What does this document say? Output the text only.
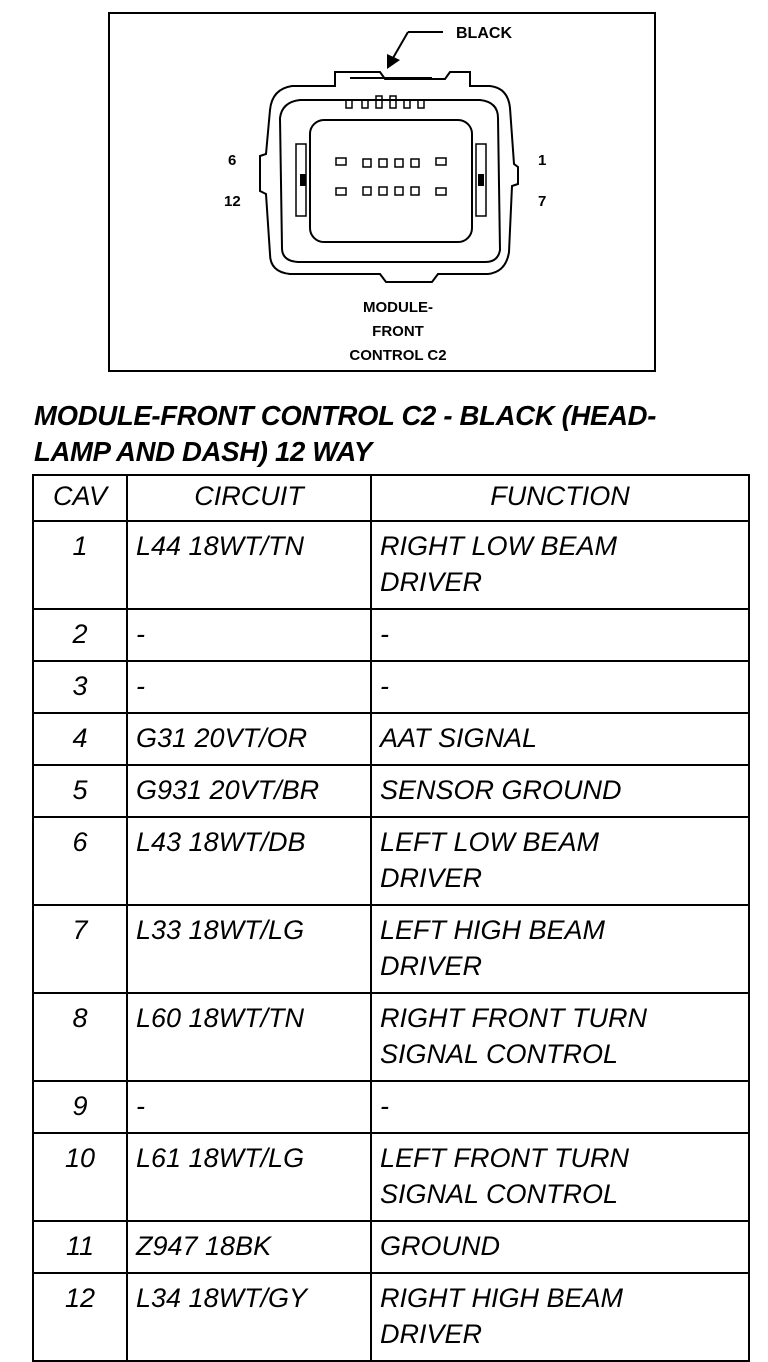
BLACK
6
12
1
7
MODULE-
FRONT
CONTROL C2
MODULE-FRONT CONTROL C2 - BLACK (HEAD-
LAMP AND DASH) 12 WAY
CAV	CIRCUIT	FUNCTION
1	L44 18WT/TN	RIGHT LOW BEAM
DRIVER
2	-	-
3	-	-
4	G31 20VT/OR	AAT SIGNAL
5	G931 20VT/BR	SENSOR GROUND
6	L43 18WT/DB	LEFT LOW BEAM
DRIVER
7	L33 18WT/LG	LEFT HIGH BEAM
DRIVER
8	L60 18WT/TN	RIGHT FRONT TURN
SIGNAL CONTROL
9	-	-
10	L61 18WT/LG	LEFT FRONT TURN
SIGNAL CONTROL
11	Z947 18BK	GROUND
12	L34 18WT/GY	RIGHT HIGH BEAM
DRIVER
